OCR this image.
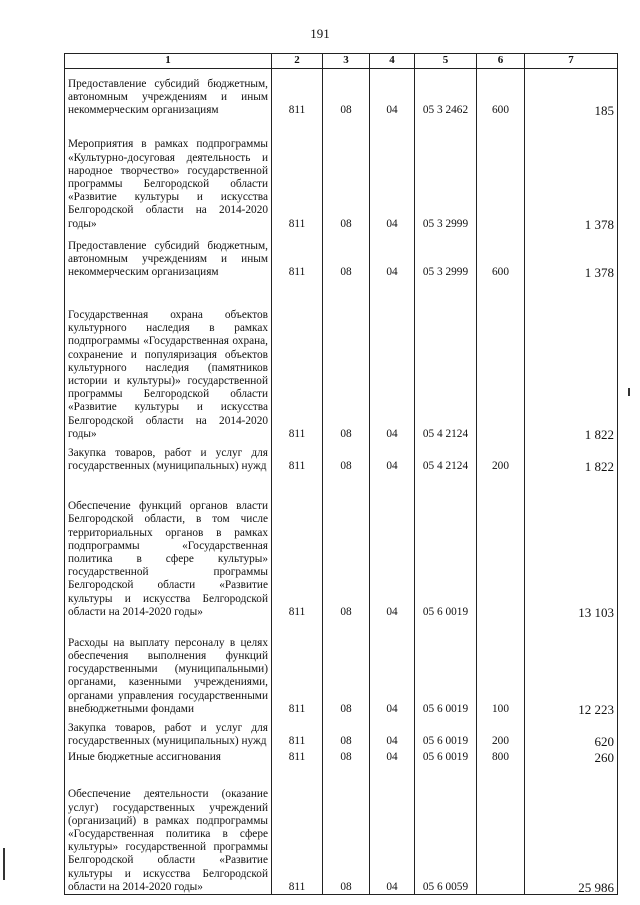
191
1	2	3	4	5	6	7
Предоставление субсидий бюджетным, автономным учреждениям и иным некоммерческим организациям	811	08	04	05 3 2462	600	185
Мероприятия в рамках подпрограммы «Культурно-досуговая деятельность и народное творчество» государственной программы Белгородской области «Развитие культуры и искусства Белгородской области на 2014-2020 годы»	811	08	04	05 3 2999		1 378
Предоставление субсидий бюджетным, автономным учреждениям и иным некоммерческим организациям	811	08	04	05 3 2999	600	1 378
Государственная охрана объектов культурного наследия в рамках подпрограммы «Государственная охрана, сохранение и популяризация объектов культурного наследия (памятников истории и культуры)» государственной программы Белгородской области «Развитие культуры и искусства Белгородской области на 2014-2020 годы»	811	08	04	05 4 2124		1 822
Закупка товаров, работ и услуг для государственных (муниципальных) нужд	811	08	04	05 4 2124	200	1 822
Обеспечение функций органов власти Белгородской области, в том числе территориальных органов в рамках подпрограммы «Государственная политика в сфере культуры» государственной программы Белгородской области «Развитие культуры и искусства Белгородской области на 2014-2020 годы»	811	08	04	05 6 0019		13 103
Расходы на выплату персоналу в целях обеспечения выполнения функций государственными (муниципальными) органами, казенными учреждениями, органами управления государственными внебюджетными фондами	811	08	04	05 6 0019	100	12 223
Закупка товаров, работ и услуг для государственных (муниципальных) нужд	811	08	04	05 6 0019	200	620
Иные бюджетные ассигнования	811	08	04	05 6 0019	800	260
Обеспечение деятельности (оказание услуг) государственных учреждений (организаций) в рамках подпрограммы «Государственная политика в сфере культуры» государственной программы Белгородской области «Развитие культуры и искусства Белгородской области на 2014-2020 годы»	811	08	04	05 6 0059		25 986
